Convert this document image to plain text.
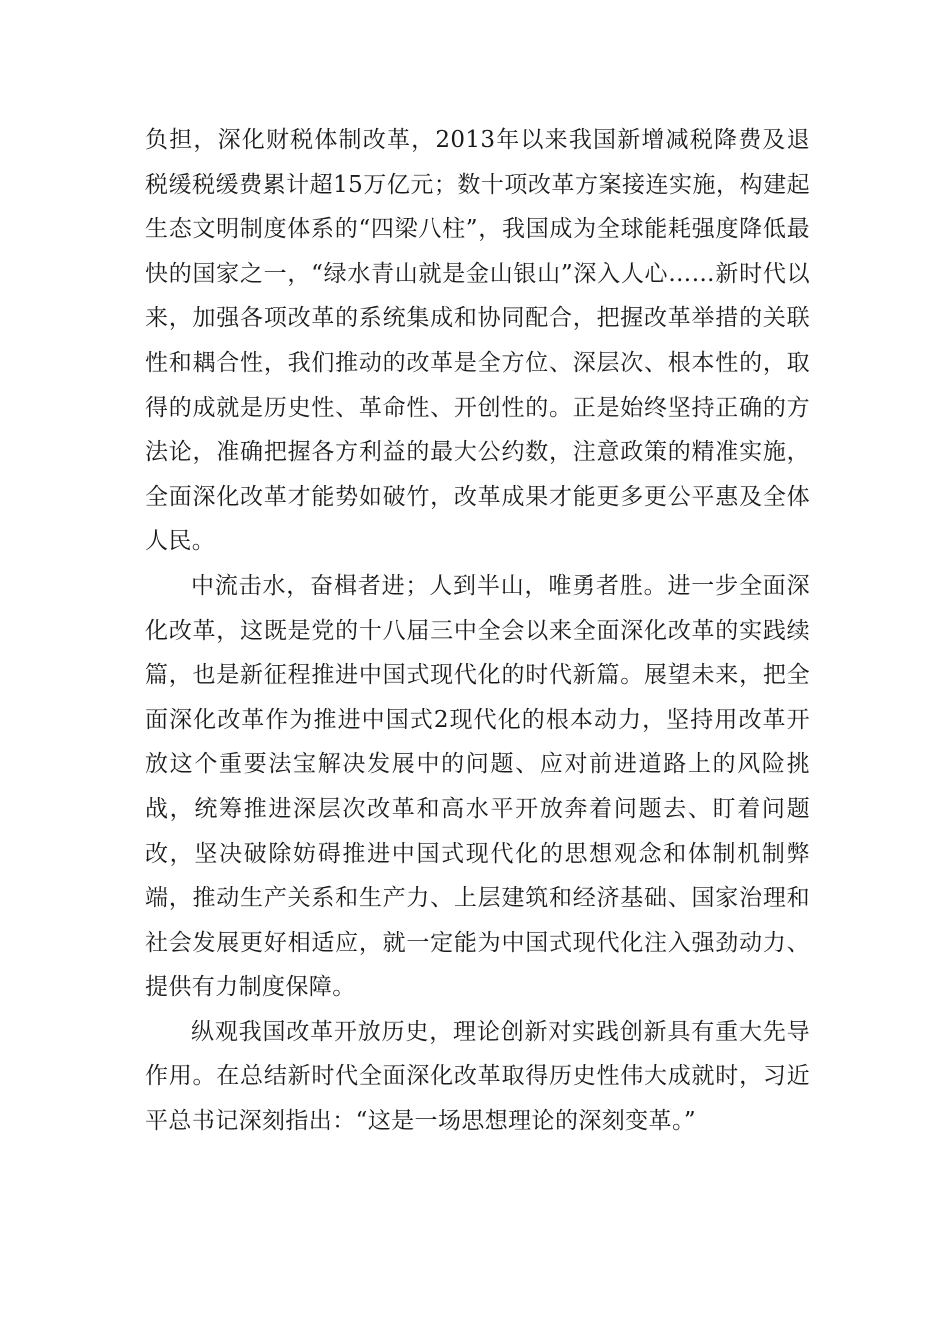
负担，深化财税体制改革，2013年以来我国新增减税降费及退税缓税缓费累计超15万亿元；数十项改革方案接连实施，构建起生态文明制度体系的“四梁八柱”，我国成为全球能耗强度降低最快的国家之一，“绿水青山就是金山银山”深入人心……新时代以来，加强各项改革的系统集成和协同配合，把握改革举措的关联性和耦合性，我们推动的改革是全方位、深层次、根本性的，取得的成就是历史性、革命性、开创性的。正是始终坚持正确的方法论，准确把握各方利益的最大公约数，注意政策的精准实施，全面深化改革才能势如破竹，改革成果才能更多更公平惠及全体人民。

中流击水，奋楫者进；人到半山，唯勇者胜。进一步全面深化改革，这既是党的十八届三中全会以来全面深化改革的实践续篇，也是新征程推进中国式现代化的时代新篇。展望未来，把全面深化改革作为推进中国式2现代化的根本动力，坚持用改革开放这个重要法宝解决发展中的问题、应对前进道路上的风险挑战，统筹推进深层次改革和高水平开放奔着问题去、盯着问题改，坚决破除妨碍推进中国式现代化的思想观念和体制机制弊端，推动生产关系和生产力、上层建筑和经济基础、国家治理和社会发展更好相适应，就一定能为中国式现代化注入强劲动力、提供有力制度保障。

纵观我国改革开放历史，理论创新对实践创新具有重大先导作用。在总结新时代全面深化改革取得历史性伟大成就时，习近平总书记深刻指出：“这是一场思想理论的深刻变革。”
